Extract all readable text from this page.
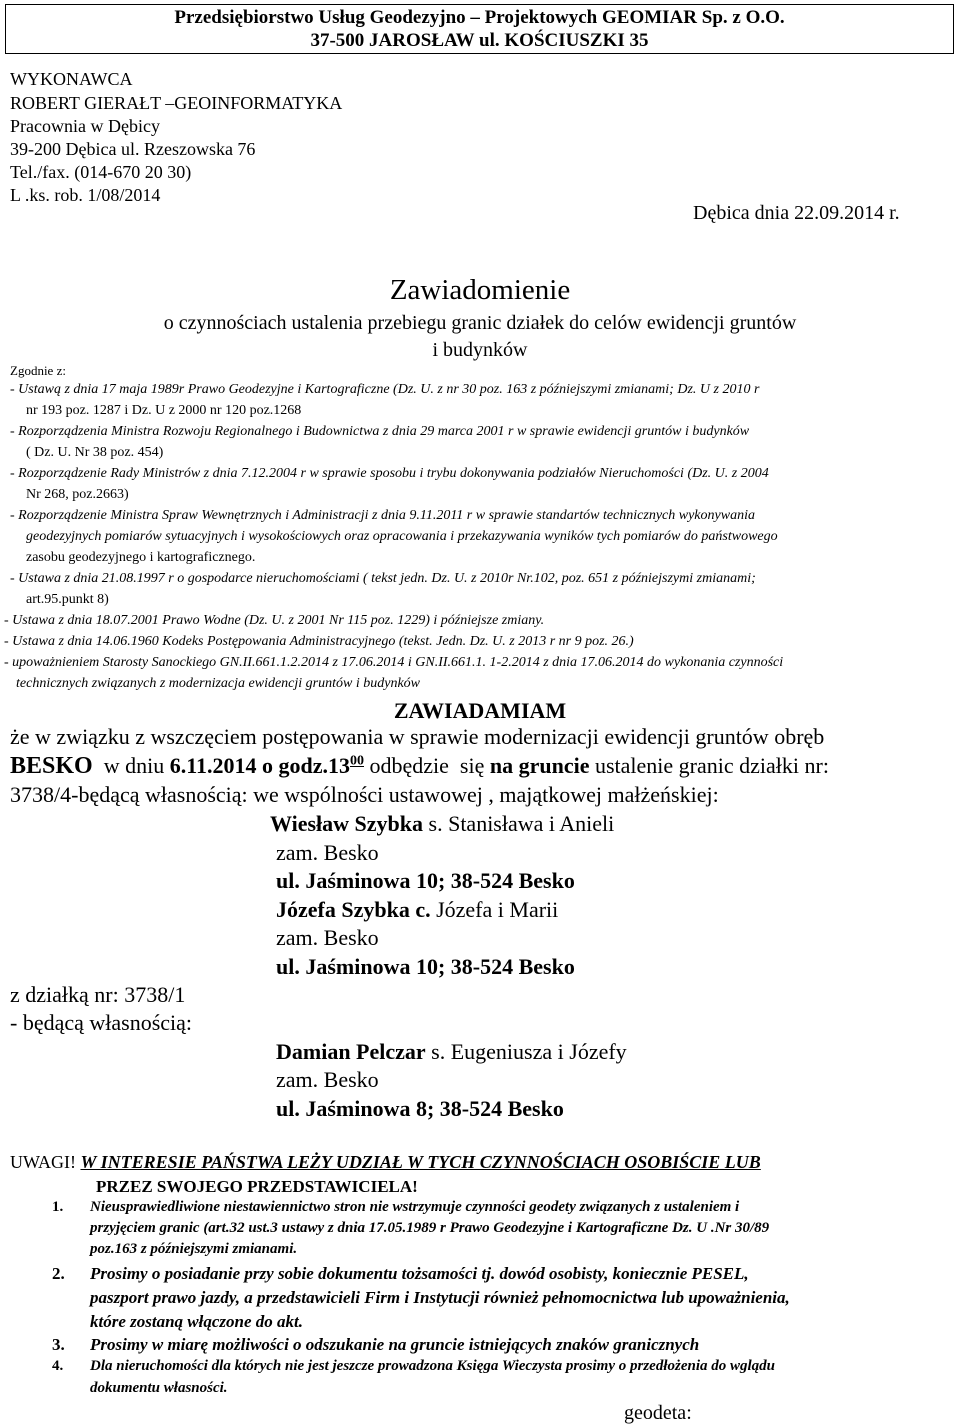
Przedsiębiorstwo Usług Geodezyjno – Projektowych GEOMIAR Sp. z O.O.
37-500 JAROSŁAW ul. KOŚCIUSZKI 35
WYKONAWCA
ROBERT GIERAŁT –GEOINFORMATYKA
Pracownia w Dębicy
39-200 Dębica ul. Rzeszowska 76
Tel./fax. (014-670 20 30)
L .ks. rob. 1/08/2014
Dębica dnia 22.09.2014 r.
Zawiadomienie
o czynnościach ustalenia przebiegu granic działek do celów ewidencji gruntów
i budynków
Zgodnie z:
- Ustawą z dnia 17 maja 1989r Prawo Geodezyjne i Kartograficzne (Dz. U. z nr 30 poz. 163 z późniejszymi zmianami; Dz. U z 2010 r
nr 193 poz. 1287 i Dz. U z 2000 nr 120 poz.1268
- Rozporządzenia Ministra Rozwoju Regionalnego i Budownictwa z dnia 29 marca 2001 r w sprawie ewidencji gruntów i budynków
( Dz. U. Nr 38 poz. 454)
- Rozporządzenie Rady Ministrów z dnia 7.12.2004 r w sprawie sposobu i trybu dokonywania podziałów Nieruchomości (Dz. U. z 2004
Nr 268, poz.2663)
- Rozporządzenie Ministra Spraw Wewnętrznych i Administracji z dnia 9.11.2011 r w sprawie standartów technicznych wykonywania
geodezyjnych pomiarów sytuacyjnych i wysokościowych oraz opracowania i przekazywania wyników tych pomiarów do państwowego
zasobu geodezyjnego i kartograficznego.
- Ustawa z dnia 21.08.1997 r o gospodarce nieruchomościami ( tekst jedn. Dz. U. z 2010r Nr.102, poz. 651 z późniejszymi zmianami;
art.95.punkt 8)
- Ustawa z dnia 18.07.2001 Prawo Wodne (Dz. U. z 2001 Nr 115 poz. 1229) i późniejsze zmiany.
- Ustawa z dnia 14.06.1960 Kodeks Postępowania Administracyjnego (tekst. Jedn. Dz. U. z 2013 r nr 9 poz. 26.)
- upoważnieniem Starosty Sanockiego GN.II.661.1.2.2014 z 17.06.2014 i GN.II.661.1. 1-2.2014 z dnia 17.06.2014 do wykonania czynności
technicznych związanych z modernizacja ewidencji gruntów i budynków
ZAWIADAMIAM
że w związku z wszczęciem postępowania w sprawie modernizacji ewidencji gruntów obręb
BESKO  w dniu 6.11.2014 o $godz.13^{00}$ odbędzie  się na gruncie ustalenie granic działki nr:
3738/4-będącą własnością: we wspólności ustawowej , majątkowej małżeńskiej:
Wiesław Szybka s. Stanisława i Anieli
zam. Besko
ul. Jaśminowa 10; 38-524 Besko
Józefa Szybka c. Józefa i Marii
zam. Besko
ul. Jaśminowa 10; 38-524 Besko
z działką nr: 3738/1
- będącą własnością:
Damian Pelczar s. Eugeniusza i Józefy
zam. Besko
ul. Jaśminowa 8; 38-524 Besko
UWAGI! W INTERESIE PAŃSTWA LEŻY UDZIAŁ W TYCH CZYNNOŚCIACH OSOBIŚCIE LUB
PRZEZ SWOJEGO PRZEDSTAWICIELA!
1. Nieusprawiedliwione niestawiennictwo stron nie wstrzymuje czynności geodety związanych z ustaleniem i
przyjęciem granic (art.32 ust.3 ustawy z dnia 17.05.1989 r Prawo Geodezyjne i Kartograficzne Dz. U .Nr 30/89
poz.163 z późniejszymi zmianami.
2. Prosimy o posiadanie przy sobie dokumentu tożsamości tj. dowód osobisty, koniecznie PESEL,
paszport prawo jazdy, a przedstawicieli Firm i Instytucji również pełnomocnictwa lub upoważnienia,
które zostaną włączone do akt.
3. Prosimy w miarę możliwości o odszukanie na gruncie istniejących znaków granicznych
4. Dla nieruchomości dla których nie jest jeszcze prowadzona Księga Wieczysta prosimy o przedłożenia do wglądu
dokumentu własności.
geodeta:
